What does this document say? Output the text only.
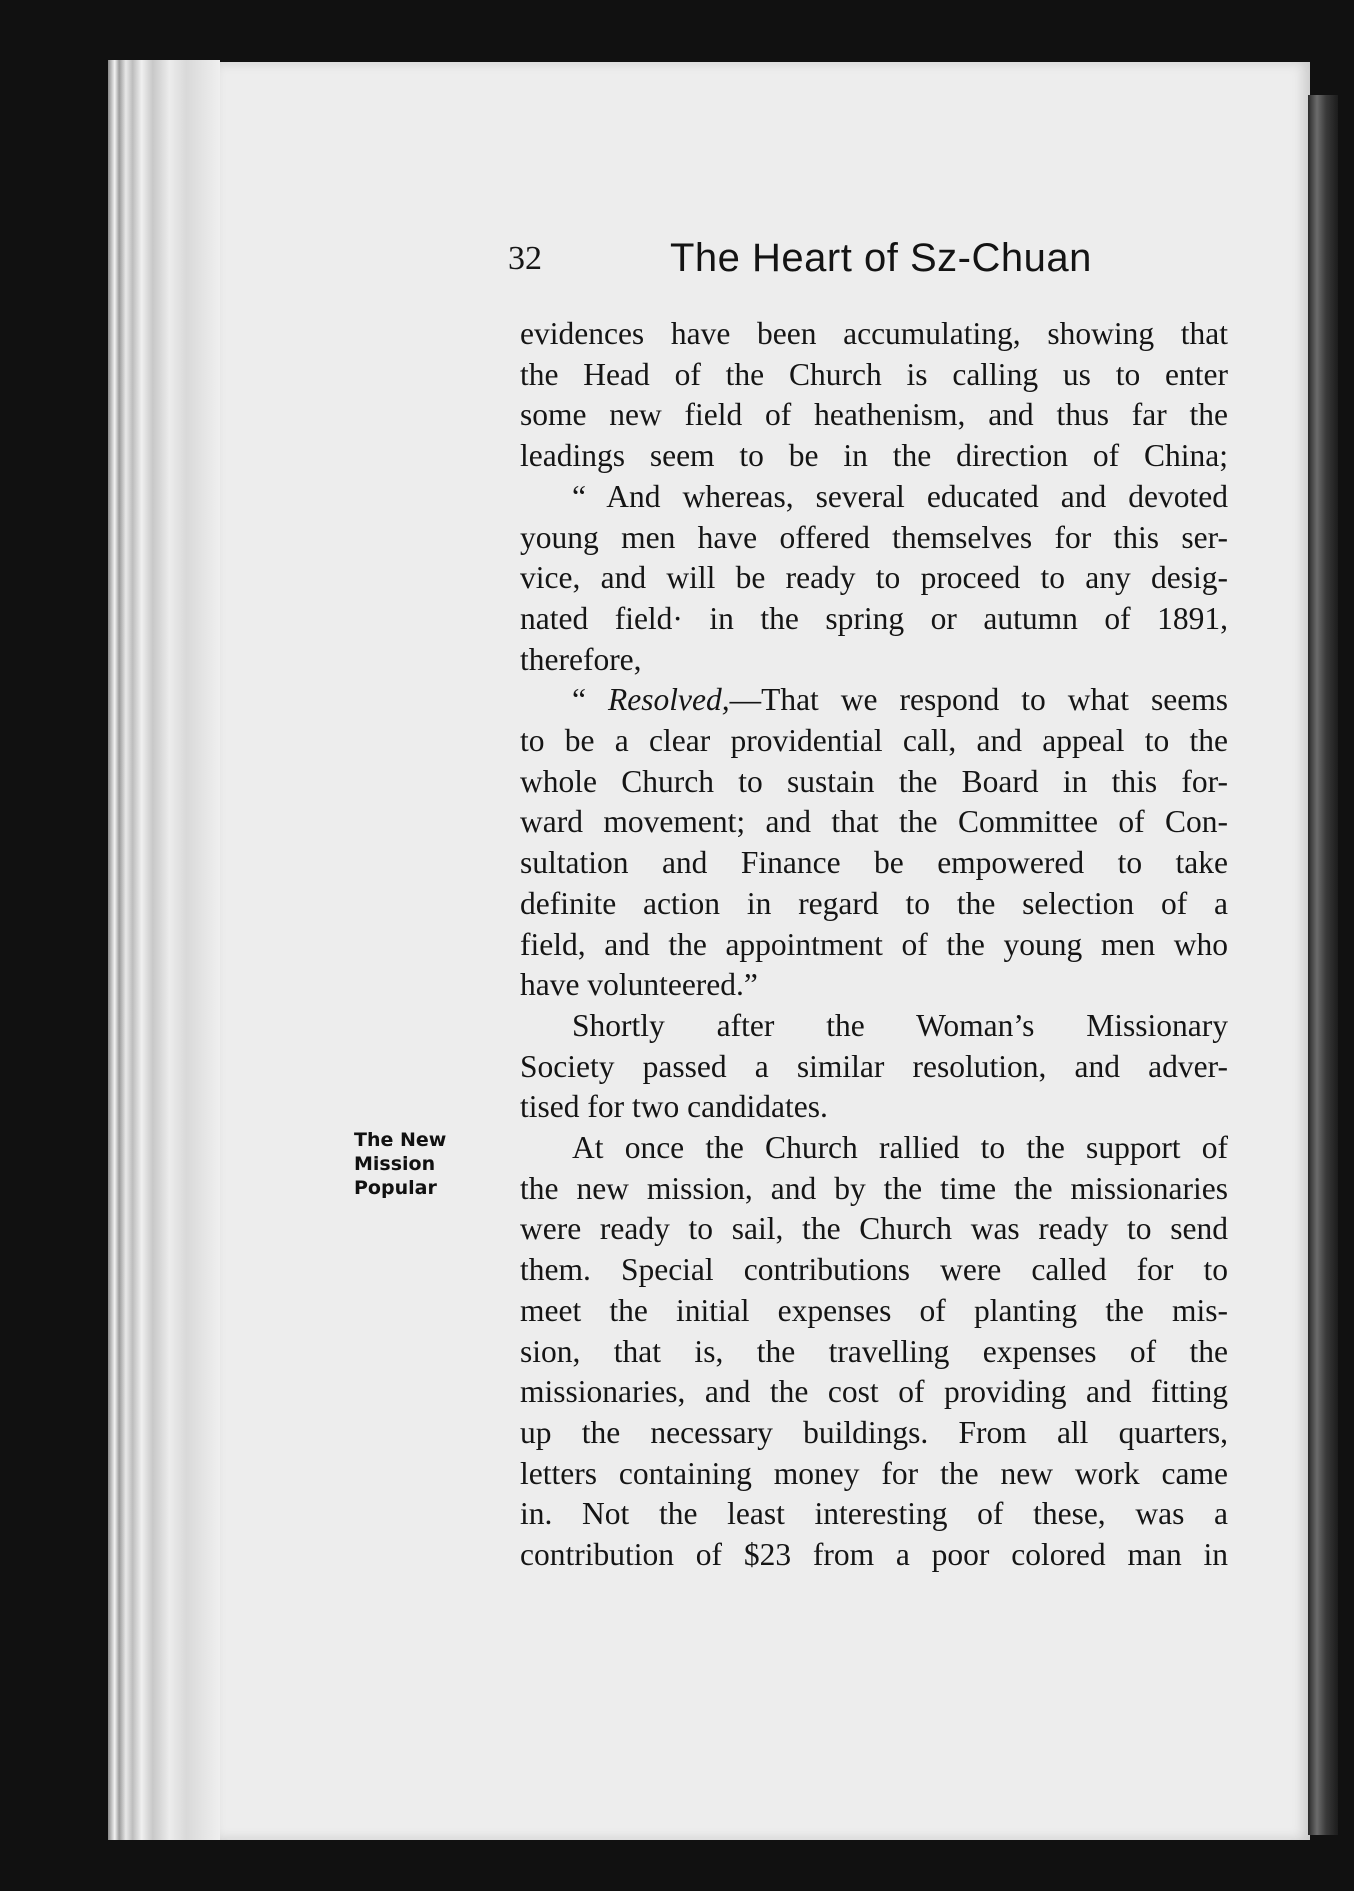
32	The Heart of Sz-Chuan
The New
Mission
Popular
evidences have been accumulating, showing that
the Head of the Church is calling us to enter
some new field of heathenism, and thus far the
leadings seem to be in the direction of China;
“ And whereas, several educated and devoted
young men have offered themselves for this ser-
vice, and will be ready to proceed to any desig-
nated field· in the spring or autumn of 1891,
therefore,
“ Resolved,—That we respond to what seems
to be a clear providential call, and appeal to the
whole Church to sustain the Board in this for-
ward movement; and that the Committee of Con-
sultation and Finance be empowered to take
definite action in regard to the selection of a
field, and the appointment of the young men who
have volunteered.”
Shortly after the Woman’s Missionary
Society passed a similar resolution, and adver-
tised for two candidates.
At once the Church rallied to the support of
the new mission, and by the time the missionaries
were ready to sail, the Church was ready to send
them. Special contributions were called for to
meet the initial expenses of planting the mis-
sion, that is, the travelling expenses of the
missionaries, and the cost of providing and fitting
up the necessary buildings. From all quarters,
letters containing money for the new work came
in. Not the least interesting of these, was a
contribution of $23 from a poor colored man in
